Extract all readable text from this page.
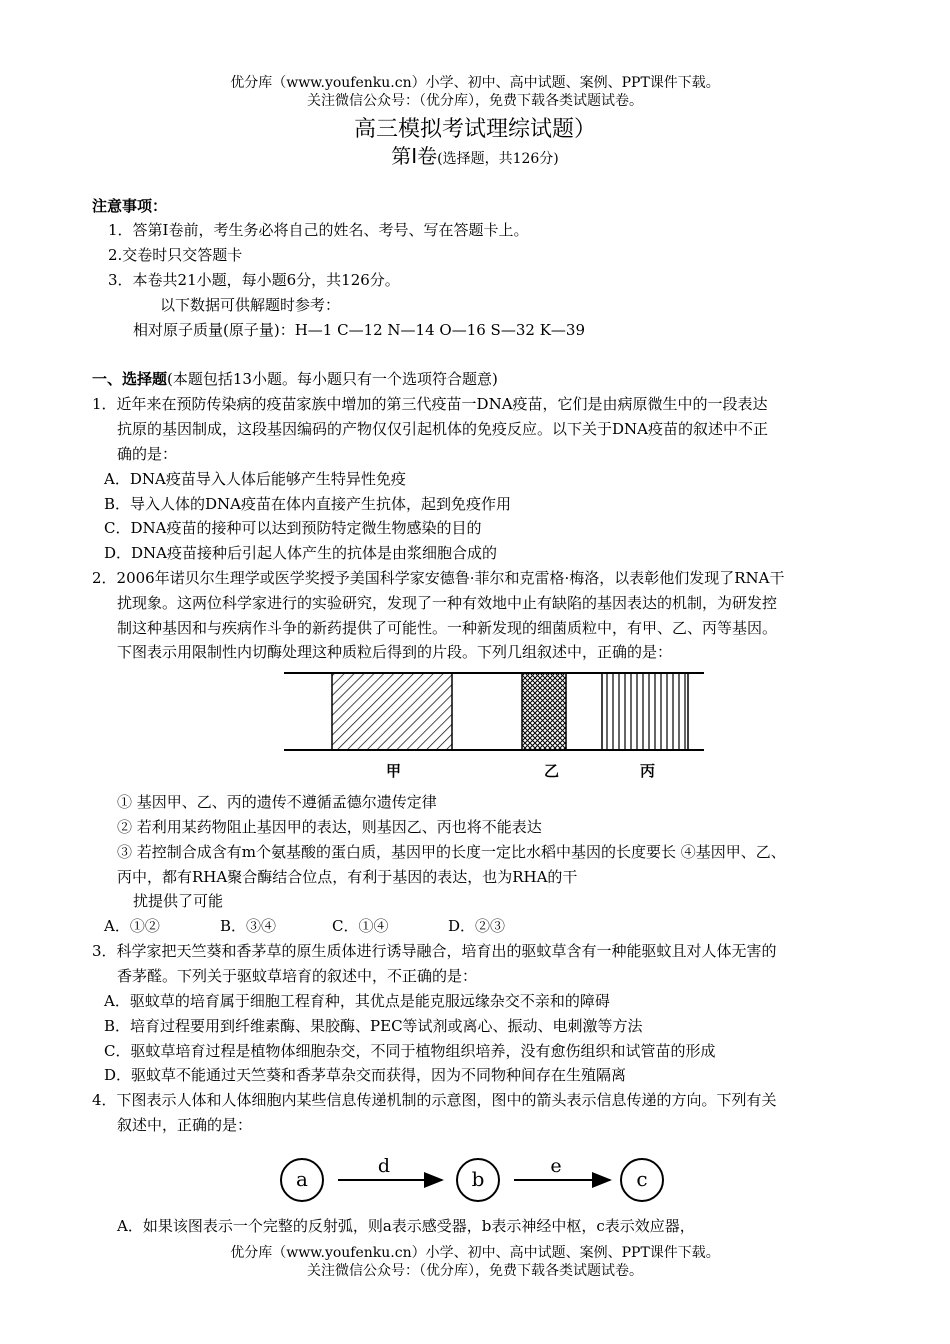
优分库（www.youfenku.cn）小学、初中、高中试题、案例、PPT课件下载。
关注微信公众号：（优分库），免费下载各类试题试卷。
高三模拟考试理综试题）
第Ⅰ卷(选择题，共126分)
注意事项：
1．答第Ⅰ卷前，考生务必将自己的姓名、考号、写在答题卡上。
2.交卷时只交答题卡
3．本卷共21小题，每小题6分，共126分。
以下数据可供解题时参考：
相对原子质量(原子量)：H—1 C—12 N—14 O—16 S—32 K—39
一、选择题(本题包括13小题。每小题只有一个选项符合题意)
1．近年来在预防传染病的疫苗家族中增加的第三代疫苗一DNA疫苗，它们是由病原微生中的一段表达
抗原的基因制成，这段基因编码的产物仅仅引起机体的免疫反应。以下关于DNA疫苗的叙述中不正
确的是：
A．DNA疫苗导入人体后能够产生特异性免疫
B．导入人体的DNA疫苗在体内直接产生抗体，起到免疫作用
C．DNA疫苗的接种可以达到预防特定微生物感染的目的
D．DNA疫苗接种后引起人体产生的抗体是由浆细胞合成的
2．2006年诺贝尔生理学或医学奖授予美国科学家安德鲁·菲尔和克雷格·梅洛，以表彰他们发现了RNA干
扰现象。这两位科学家进行的实验研究，发现了一种有效地中止有缺陷的基因表达的机制，为研发控
制这种基因和与疾病作斗争的新药提供了可能性。一种新发现的细菌质粒中，有甲、乙、丙等基因。
下图表示用限制性内切酶处理这种质粒后得到的片段。下列几组叙述中，正确的是：
甲	乙	丙
① 基因甲、乙、丙的遗传不遵循孟德尔遗传定律
② 若利用某药物阻止基因甲的表达，则基因乙、丙也将不能表达
③ 若控制合成含有m个氨基酸的蛋白质，基因甲的长度一定比水稻中基因的长度要长 ④基因甲、乙、
丙中，都有RHA聚合酶结合位点，有利于基因的表达，也为RHA的干
扰提供了可能
A．①②	B．③④	C．①④	D．②③
3．科学家把天竺葵和香茅草的原生质体进行诱导融合，培育出的驱蚊草含有一种能驱蚊且对人体无害的
香茅醛。下列关于驱蚊草培育的叙述中，不正确的是：
A．驱蚊草的培育属于细胞工程育种，其优点是能克服远缘杂交不亲和的障碍
B．培育过程要用到纤维素酶、果胶酶、PEC等试剂或离心、振动、电刺激等方法
C．驱蚊草培育过程是植物体细胞杂交，不同于植物组织培养，没有愈伤组织和试管苗的形成
D．驱蚊草不能通过天竺葵和香茅草杂交而获得，因为不同物种间存在生殖隔离
4．下图表示人体和人体细胞内某些信息传递机制的示意图，图中的箭头表示信息传递的方向。下列有关
叙述中，正确的是：
a	b	c
d	e
A．如果该图表示一个完整的反射弧，则a表示感受器，b表示神经中枢，c表示效应器，
优分库（www.youfenku.cn）小学、初中、高中试题、案例、PPT课件下载。
关注微信公众号：（优分库），免费下载各类试题试卷。
